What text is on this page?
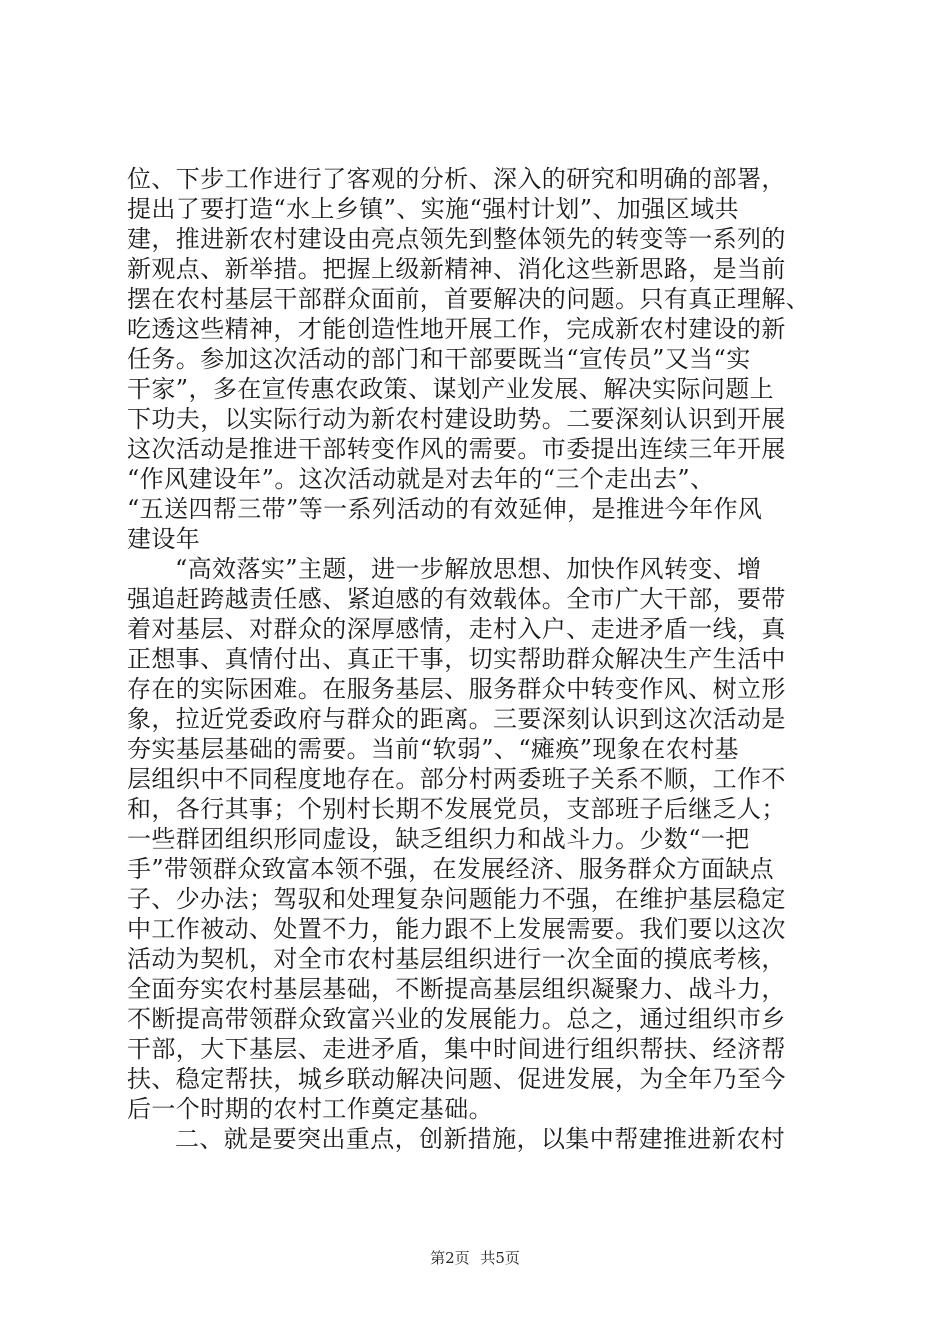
位、下步工作进行了客观的分析、深入的研究和明确的部署，
提出了要打造“水上乡镇”、实施“强村计划”、加强区域共
建，推进新农村建设由亮点领先到整体领先的转变等一系列的
新观点、新举措。把握上级新精神、消化这些新思路，是当前
摆在农村基层干部群众面前，首要解决的问题。只有真正理解、
吃透这些精神，才能创造性地开展工作，完成新农村建设的新
任务。参加这次活动的部门和干部要既当“宣传员”又当“实
干家”，多在宣传惠农政策、谋划产业发展、解决实际问题上
下功夫，以实际行动为新农村建设助势。二要深刻认识到开展
这次活动是推进干部转变作风的需要。市委提出连续三年开展
“作风建设年”。这次活动就是对去年的“三个走出去”、
“五送四帮三带”等一系列活动的有效延伸，是推进今年作风
建设年
“高效落实”主题，进一步解放思想、加快作风转变、增
强追赶跨越责任感、紧迫感的有效载体。全市广大干部，要带
着对基层、对群众的深厚感情，走村入户、走进矛盾一线，真
正想事、真情付出、真正干事，切实帮助群众解决生产生活中
存在的实际困难。在服务基层、服务群众中转变作风、树立形
象，拉近党委政府与群众的距离。三要深刻认识到这次活动是
夯实基层基础的需要。当前“软弱”、“瘫痪”现象在农村基
层组织中不同程度地存在。部分村两委班子关系不顺，工作不
和，各行其事；个别村长期不发展党员，支部班子后继乏人；
一些群团组织形同虚设，缺乏组织力和战斗力。少数“一把
手”带领群众致富本领不强，在发展经济、服务群众方面缺点
子、少办法；驾驭和处理复杂问题能力不强，在维护基层稳定
中工作被动、处置不力，能力跟不上发展需要。我们要以这次
活动为契机，对全市农村基层组织进行一次全面的摸底考核，
全面夯实农村基层基础，不断提高基层组织凝聚力、战斗力，
不断提高带领群众致富兴业的发展能力。总之，通过组织市乡
干部，大下基层、走进矛盾，集中时间进行组织帮扶、经济帮
扶、稳定帮扶，城乡联动解决问题、促进发展，为全年乃至今
后一个时期的农村工作奠定基础。
二、就是要突出重点，创新措施，以集中帮建推进新农村
第2页 共5页
